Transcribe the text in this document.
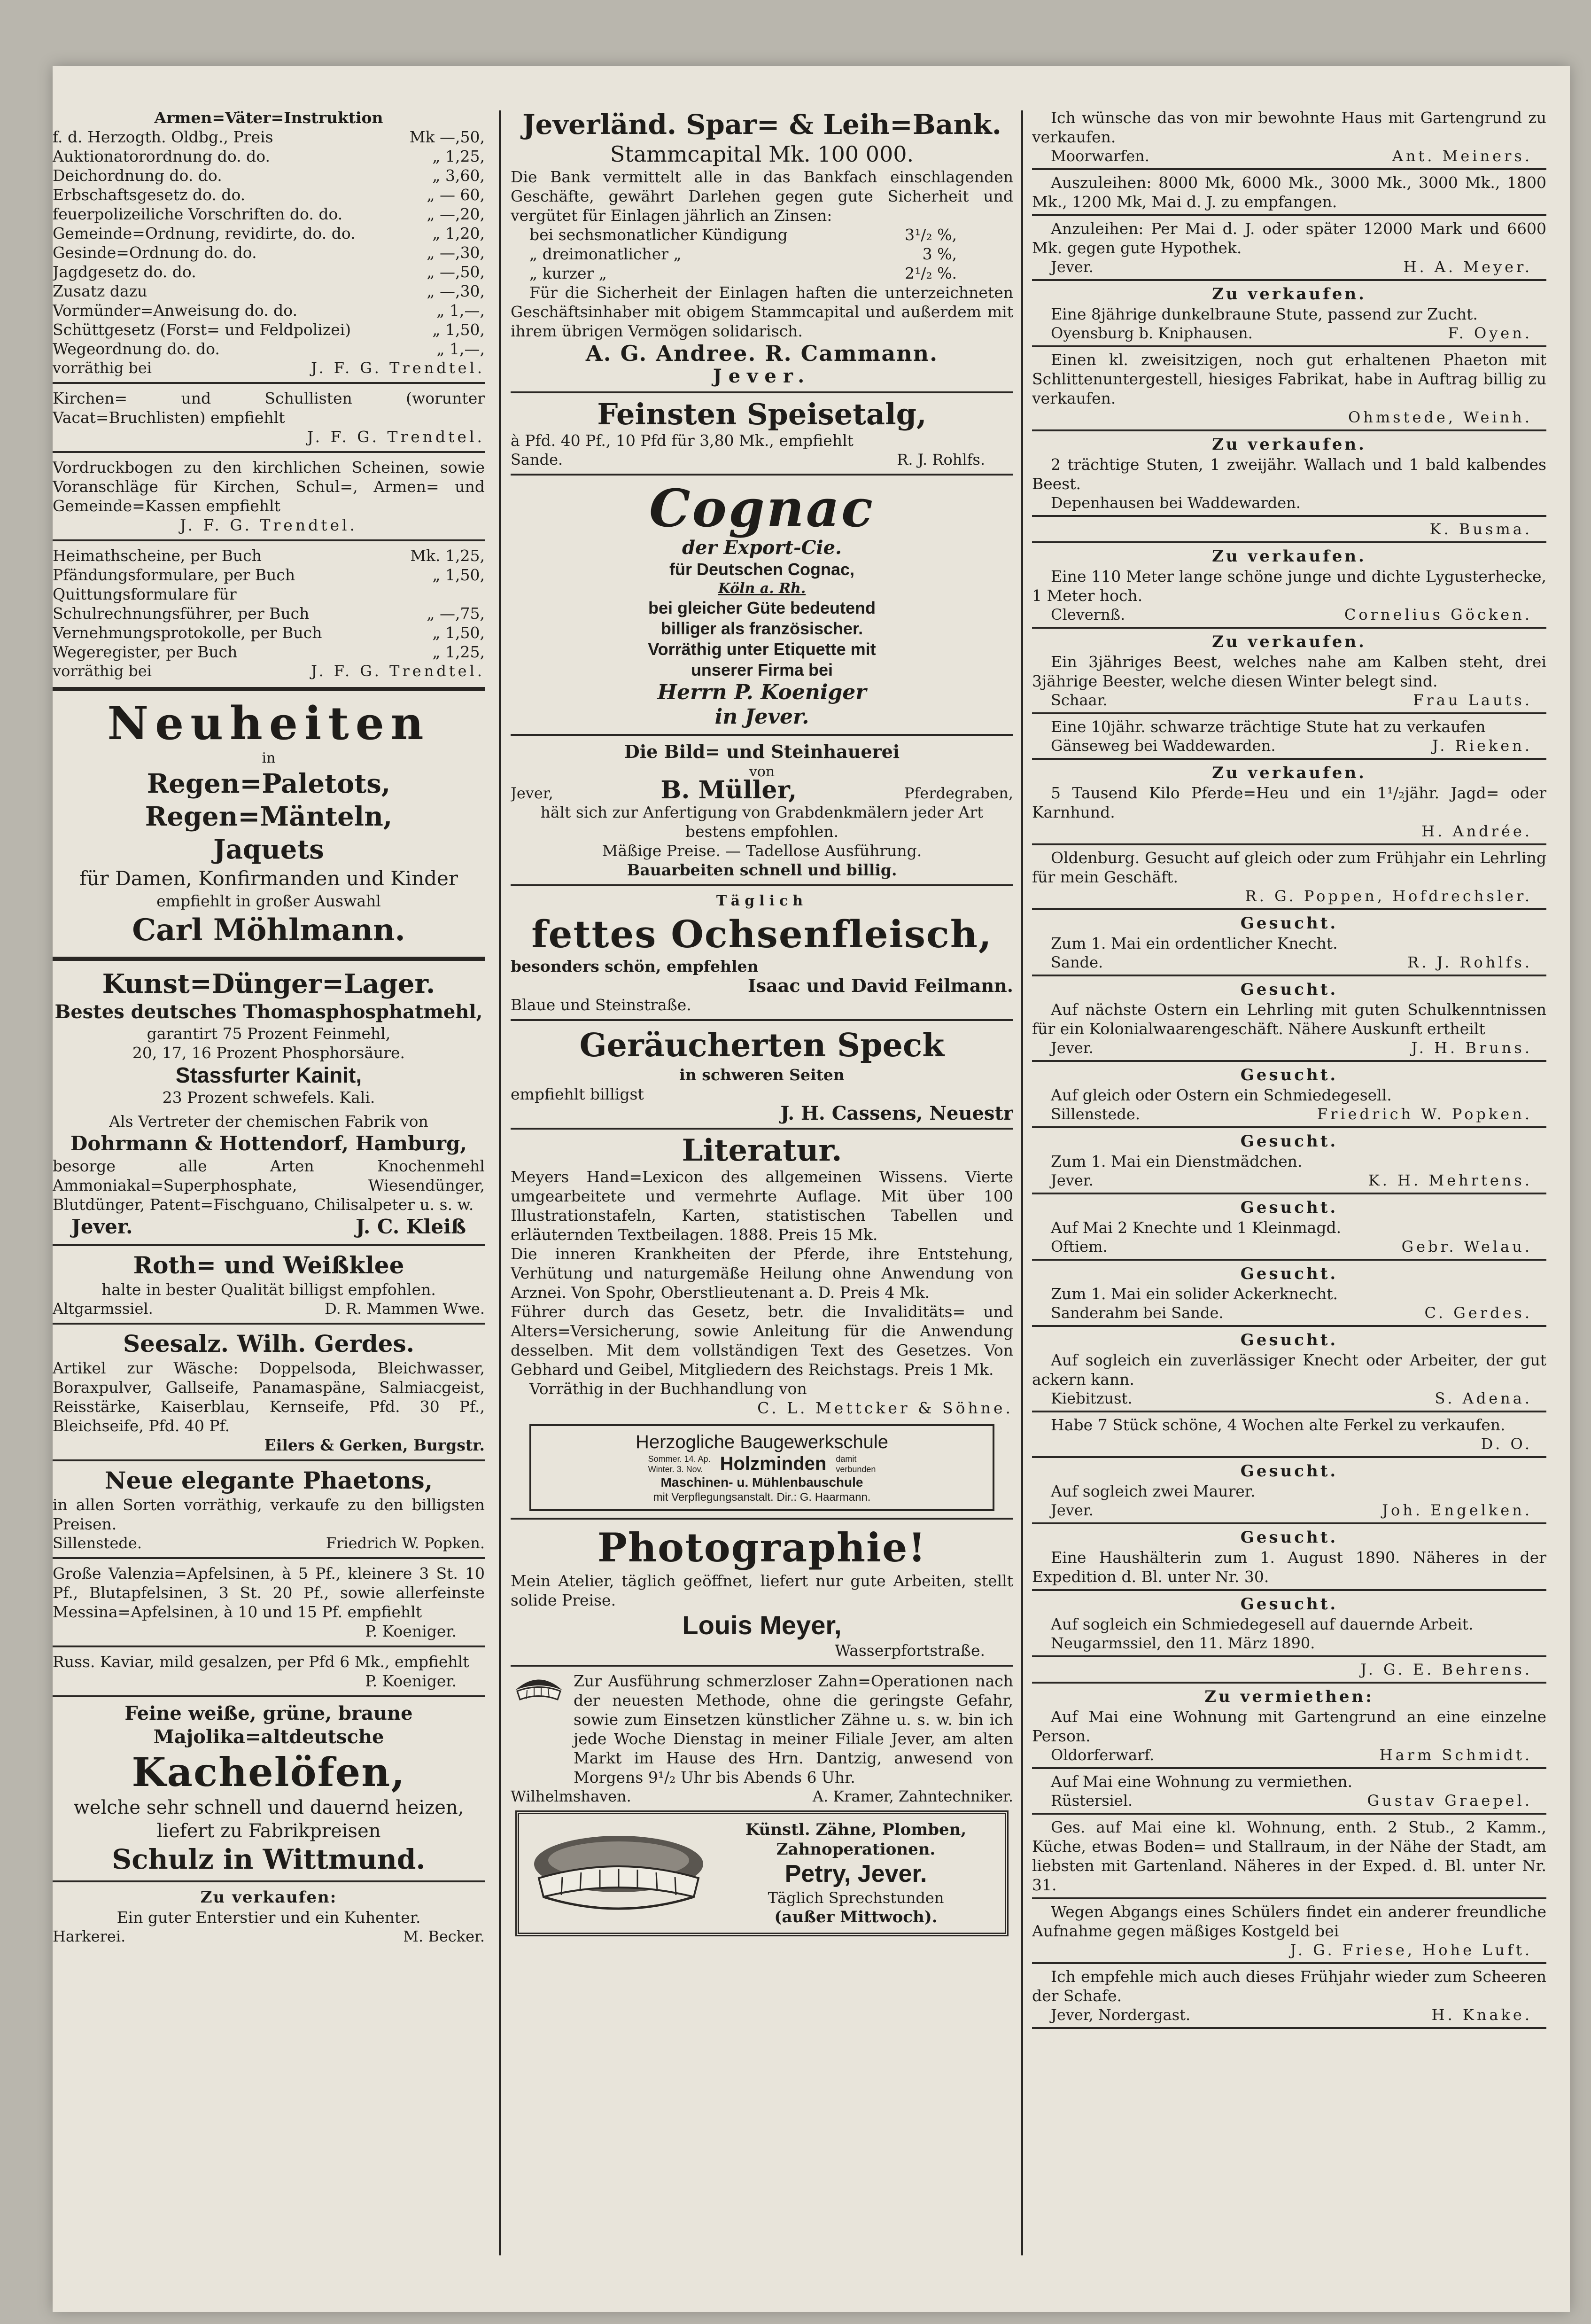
Armen=Väter=Instruktion

f. d. Herzogth. Oldbg., Preis	Mk —,50,
Auktionatorordnung do. do.	„ 1,25,
Deichordnung do. do.	„ 3,60,
Erbschaftsgesetz do. do.	„ — 60,
feuerpolizeiliche Vorschriften do. do.	„ —,20,
Gemeinde=Ordnung, revidirte, do. do.	„ 1,20,
Gesinde=Ordnung do. do.	„ —,30,
Jagdgesetz do. do.	„ —,50,
Zusatz dazu	„ —,30,
Vormünder=Anweisung do. do.	„ 1,—,
Schüttgesetz (Forst= und Feldpolizei)	„ 1,50,
Wegeordnung do. do.	„ 1,—,
vorräthig bei	J. F. G. Trendtel.

Kirchen= und Schullisten (worunter Vacat=Bruchlisten) empfiehlt

J. F. G. Trendtel.

Vordruckbogen zu den kirchlichen Scheinen, sowie Voranschläge für Kirchen, Schul=, Armen= und Gemeinde=Kassen empfiehlt

J. F. G. Trendtel.

Heimathscheine, per Buch	Mk. 1,25,
Pfändungsformulare, per Buch	„ 1,50,
Quittungsformulare für Schulrechnungsführer, per Buch	„ —,75,
Vernehmungsprotokolle, per Buch	„ 1,50,
Wegeregister, per Buch	„ 1,25,
vorräthig bei	J. F. G. Trendtel.

Neuheiten

in

Regen=Paletots,

Regen=Mänteln,

Jaquets

für Damen, Konfirmanden und Kinder

empfiehlt in großer Auswahl

Carl Möhlmann.

Kunst=Dünger=Lager.

Bestes deutsches Thomasphosphatmehl,

garantirt 75 Prozent Feinmehl,

20, 17, 16 Prozent Phosphorsäure.

Stassfurter Kainit,

23 Prozent schwefels. Kali.

Als Vertreter der chemischen Fabrik von

Dohrmann & Hottendorf, Hamburg,

besorge alle Arten Knochenmehl Ammoniakal=Superphosphate, Wiesendünger, Blutdünger, Patent=Fischguano, Chilisalpeter u. s. w.

Jever.	J. C. Kleiß

Roth= und Weißklee

halte in bester Qualität billigst empfohlen.

Altgarmssiel.	D. R. Mammen Wwe.

Seesalz. Wilh. Gerdes.

Artikel zur Wäsche: Doppelsoda, Bleichwasser, Boraxpulver, Gallseife, Panamaspäne, Salmiacgeist, Reisstärke, Kaiserblau, Kernseife, Pfd. 30 Pf., Bleichseife, Pfd. 40 Pf.

Eilers & Gerken, Burgstr.

Neue elegante Phaetons,

in allen Sorten vorräthig, verkaufe zu den billigsten Preisen.

Sillenstede.	Friedrich W. Popken.

Große Valenzia=Apfelsinen, à 5 Pf., kleinere 3 St. 10 Pf., Blutapfelsinen, 3 St. 20 Pf., sowie allerfeinste Messina=Apfelsinen, à 10 und 15 Pf. empfiehlt

P. Koeniger.

Russ. Kaviar, mild gesalzen, per Pfd 6 Mk., empfiehlt

P. Koeniger.

Feine weiße, grüne, braune Majolika=altdeutsche

Kachelöfen,

welche sehr schnell und dauernd heizen, liefert zu Fabrikpreisen

Schulz in Wittmund.

Zu verkaufen:

Ein guter Enterstier und ein Kuhenter.

Harkerei.	M. Becker.

Jeverländ. Spar= & Leih=Bank.

Stammcapital Mk. 100 000.

Die Bank vermittelt alle in das Bankfach einschlagenden Geschäfte, gewährt Darlehen gegen gute Sicherheit und vergütet für Einlagen jährlich an Zinsen:

bei sechsmonatlicher Kündigung	3¹/₂ %,
„ dreimonatlicher „	3 %,
„ kurzer „	2¹/₂ %.

Für die Sicherheit der Einlagen haften die unterzeichneten Geschäftsinhaber mit obigem Stammcapital und außerdem mit ihrem übrigen Vermögen solidarisch.

A. G. Andree. R. Cammann.

Jever.

Feinsten Speisetalg,

à Pfd. 40 Pf., 10 Pfd für 3,80 Mk., empfiehlt

Sande.	R. J. Rohlfs.

Cognac

der Export-Cie.

für Deutschen Cognac,

Köln a. Rh.

bei gleicher Güte bedeutend

billiger als französischer.

Vorräthig unter Etiquette mit

unserer Firma bei

Herrn P. Koeniger

in Jever.

Die Bild= und Steinhauerei

von

Jever,	B. Müller,	Pferdegraben,

hält sich zur Anfertigung von Grabdenkmälern jeder Art bestens empfohlen.

Mäßige Preise. — Tadellose Ausführung.

Bauarbeiten schnell und billig.

Täglich

fettes Ochsenfleisch,

besonders schön, empfehlen

Isaac und David Feilmann.

Blaue und Steinstraße.

Geräucherten Speck

in schweren Seiten

empfiehlt billigst

J. H. Cassens, Neuestr

Literatur.

Meyers Hand=Lexicon des allgemeinen Wissens. Vierte umgearbeitete und vermehrte Auflage. Mit über 100 Illustrationstafeln, Karten, statistischen Tabellen und erläuternden Textbeilagen. 1888. Preis 15 Mk.

Die inneren Krankheiten der Pferde, ihre Entstehung, Verhütung und naturgemäße Heilung ohne Anwendung von Arznei. Von Spohr, Oberstlieutenant a. D. Preis 4 Mk.

Führer durch das Gesetz, betr. die Invaliditäts= und Alters=Versicherung, sowie Anleitung für die Anwendung desselben. Mit dem vollständigen Text des Gesetzes. Von Gebhard und Geibel, Mitgliedern des Reichstags. Preis 1 Mk.

Vorräthig in der Buchhandlung von

C. L. Mettcker & Söhne.

Herzogliche Baugewerkschule

Sommer. 14. Ap.

Winter. 3. Nov. Holzminden damit

verbunden

Maschinen- u. Mühlenbauschule

mit Verpflegungsanstalt. Dir.: G. Haarmann.

Photographie!

Mein Atelier, täglich geöffnet, liefert nur gute Arbeiten, stellt solide Preise.

Louis Meyer,

Wasserpfortstraße.

Zur Ausführung schmerzloser Zahn=Operationen nach der neuesten Methode, ohne die geringste Gefahr, sowie zum Einsetzen künstlicher Zähne u. s. w. bin ich jede Woche Dienstag in meiner Filiale Jever, am alten Markt im Hause des Hrn. Dantzig, anwesend von Morgens 9¹/₂ Uhr bis Abends 6 Uhr.

Wilhelmshaven.	A. Kramer, Zahntechniker.

Künstl. Zähne, Plomben,

Zahnoperationen.

Petry, Jever.

Täglich Sprechstunden

(außer Mittwoch).

Ich wünsche das von mir bewohnte Haus mit Gartengrund zu verkaufen.

Moorwarfen.	Ant. Meiners.

Auszuleihen: 8000 Mk, 6000 Mk., 3000 Mk., 3000 Mk., 1800 Mk., 1200 Mk, Mai d. J. zu empfangen.

Anzuleihen: Per Mai d. J. oder später 12000 Mark und 6600 Mk. gegen gute Hypothek.

Jever.	H. A. Meyer.

Zu verkaufen.

Eine 8jährige dunkelbraune Stute, passend zur Zucht.

Oyensburg b. Kniphausen.	F. Oyen.

Einen kl. zweisitzigen, noch gut erhaltenen Phaeton mit Schlittenuntergestell, hiesiges Fabrikat, habe in Auftrag billig zu verkaufen.

Ohmstede, Weinh.

Zu verkaufen.

2 trächtige Stuten, 1 zweijähr. Wallach und 1 bald kalbendes Beest.

Depenhausen bei Waddewarden.
K. Busma.

Zu verkaufen.

Eine 110 Meter lange schöne junge und dichte Lygusterhecke, 1 Meter hoch.

Clevernß.	Cornelius Göcken.

Zu verkaufen.

Ein 3jähriges Beest, welches nahe am Kalben steht, drei 3jährige Beester, welche diesen Winter belegt sind.

Schaar.	Frau Lauts.

Eine 10jähr. schwarze trächtige Stute hat zu verkaufen

Gänseweg bei Waddewarden.	J. Rieken.

Zu verkaufen.

5 Tausend Kilo Pferde=Heu und ein 1¹/₂jähr. Jagd= oder Karnhund.

H. Andrée.

Oldenburg. Gesucht auf gleich oder zum Frühjahr ein Lehrling für mein Geschäft.

R. G. Poppen, Hofdrechsler.

Gesucht.

Zum 1. Mai ein ordentlicher Knecht.

Sande.	R. J. Rohlfs.

Gesucht.

Auf nächste Ostern ein Lehrling mit guten Schulkenntnissen für ein Kolonialwaarengeschäft. Nähere Auskunft ertheilt

Jever.	J. H. Bruns.

Gesucht.

Auf gleich oder Ostern ein Schmiedegesell.

Sillenstede.	Friedrich W. Popken.

Gesucht.

Zum 1. Mai ein Dienstmädchen.

Jever.	K. H. Mehrtens.

Gesucht.

Auf Mai 2 Knechte und 1 Kleinmagd.

Oftiem.	Gebr. Welau.

Gesucht.

Zum 1. Mai ein solider Ackerknecht.

Sanderahm bei Sande.	C. Gerdes.

Gesucht.

Auf sogleich ein zuverlässiger Knecht oder Arbeiter, der gut ackern kann.

Kiebitzust.	S. Adena.

Habe 7 Stück schöne, 4 Wochen alte Ferkel zu verkaufen.

D. O.

Gesucht.

Auf sogleich zwei Maurer.

Jever.	Joh. Engelken.

Gesucht.

Eine Haushälterin zum 1. August 1890. Näheres in der Expedition d. Bl. unter Nr. 30.

Gesucht.

Auf sogleich ein Schmiedegesell auf dauernde Arbeit.

Neugarmssiel, den 11. März 1890.
J. G. E. Behrens.

Zu vermiethen:

Auf Mai eine Wohnung mit Gartengrund an eine einzelne Person.

Oldorferwarf.	Harm Schmidt.

Auf Mai eine Wohnung zu vermiethen.

Rüstersiel.	Gustav Graepel.

Ges. auf Mai eine kl. Wohnung, enth. 2 Stub., 2 Kamm., Küche, etwas Boden= und Stallraum, in der Nähe der Stadt, am liebsten mit Gartenland. Näheres in der Exped. d. Bl. unter Nr. 31.

Wegen Abgangs eines Schülers findet ein anderer freundliche Aufnahme gegen mäßiges Kostgeld bei

J. G. Friese, Hohe Luft.

Ich empfehle mich auch dieses Frühjahr wieder zum Scheeren der Schafe.

Jever, Nordergast.	H. Knake.
